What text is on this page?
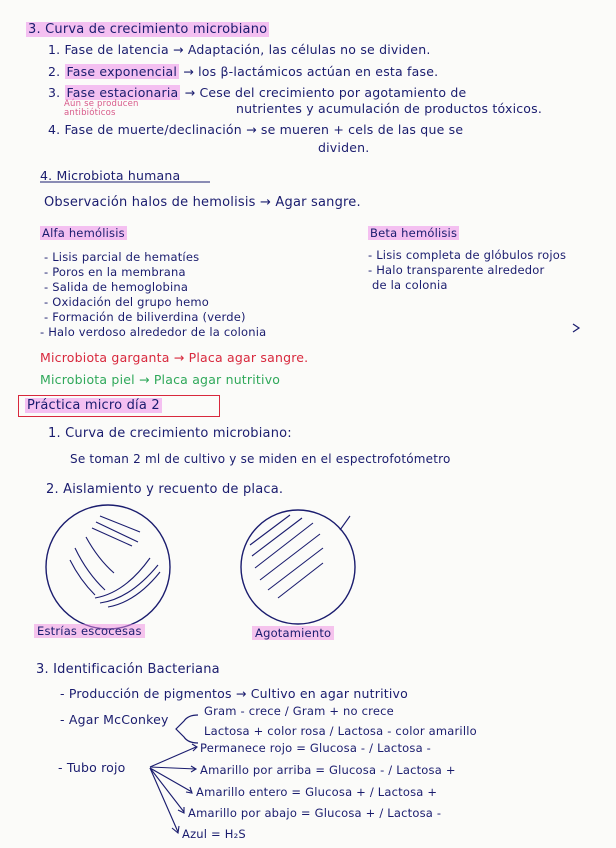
3. Curva de crecimiento microbiano
1. Fase de latencia → Adaptación, las células no se dividen.
2. Fase exponencial → los β-lactámicos actúan en esta fase.
3. Fase estacionaria → Cese del crecimiento por agotamiento de
Aún se producen
antibióticos	nutrientes y acumulación de productos tóxicos.
4. Fase de muerte/declinación → se mueren + cels de las que se
dividen.
4. Microbiota humana
Observación halos de hemolisis → Agar sangre.
Alfa hemólisis
- Lisis parcial de hematíes
- Poros en la membrana
- Salida de hemoglobina
- Oxidación del grupo hemo
- Formación de biliverdina (verde)
- Halo verdoso alrededor de la colonia
Beta hemólisis
- Lisis completa de glóbulos rojos
- Halo transparente alrededor
de la colonia
Microbiota garganta → Placa agar sangre.
Microbiota piel → Placa agar nutritivo
Práctica micro día 2
1. Curva de crecimiento microbiano:
Se toman 2 ml de cultivo y se miden en el espectrofotómetro
2. Aislamiento y recuento de placa.
Estrías escocesas	Agotamiento
3. Identificación Bacteriana
- Producción de pigmentos → Cultivo en agar nutritivo
- Agar McConkey
Gram - crece / Gram + no crece
Lactosa + color rosa / Lactosa - color amarillo
- Tubo rojo
Permanece rojo = Glucosa - / Lactosa -
Amarillo por arriba = Glucosa - / Lactosa +
Amarillo entero = Glucosa + / Lactosa +
Amarillo por abajo = Glucosa + / Lactosa -
Azul = H₂S
